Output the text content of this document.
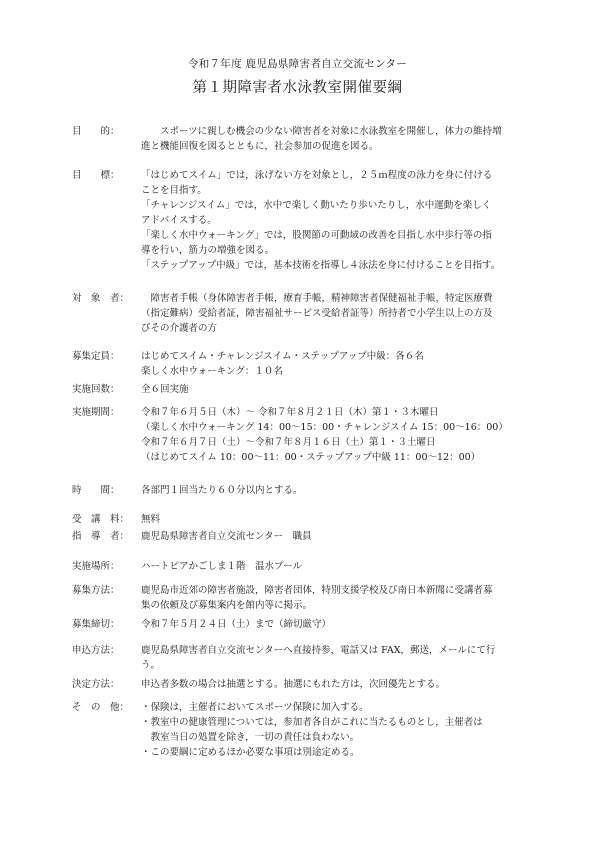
令和７年度 鹿児島県障害者自立交流センター
第１期障害者水泳教室開催要綱
目　　的：	　　スポーツに親しむ機会の少ない障害者を対象に水泳教室を開催し，体力の維持増
進と機能回復を図るとともに，社会参加の促進を図る。
目　　標：	「はじめてスイム」では，泳げない方を対象とし，２５ｍ程度の泳力を身に付ける
ことを目指す。
「チャレンジスイム」では，水中で楽しく動いたり歩いたりし，水中運動を楽しく
アドバイスする。
「楽しく水中ウォーキング」では，股関節の可動域の改善を目指し水中歩行等の指
導を行い，筋力の増強を図る。
「ステップアップ中級」では，基本技術を指導し４泳法を身に付けることを目指す。
対　象　者：	　障害者手帳（身体障害者手帳，療育手帳，精神障害者保健福祉手帳，特定医療費
（指定難病）受給者証，障害福祉サービス受給者証等）所持者で小学生以上の方及
びその介護者の方
募集定員：	はじめてスイム・チャレンジスイム・ステップアップ中級：各６名
楽しく水中ウォーキング：１０名
実施回数：	全６回実施
実施期間：	令和７年６月５日（木）～ 令和７年８月２１日（木）第１・３木曜日
（楽しく水中ウォーキング 14：00～15：00・チャレンジスイム 15：00～16：00）
令和７年６月７日（土）～令和７年８月１６日（土）第１・３土曜日
（はじめてスイム 10：00～11：00・ステップアップ中級 11：00～12：00）
時　　間：	各部門１回当たり６０分以内とする。
受　講　料：	無料
指　導　者：	鹿児島県障害者自立交流センター　職員
実施場所：	ハートピアかごしま１階　温水プール
募集方法：	鹿児島市近郊の障害者施設，障害者団体，特別支援学校及び南日本新聞に受講者募
集の依頼及び募集案内を館内等に掲示。
募集締切：	令和７年５月２４日（土）まで（締切厳守）
申込方法：	鹿児島県障害者自立交流センターへ直接持参，電話又は FAX，郵送，メールにて行
う。
決定方法：	申込者多数の場合は抽選とする。抽選にもれた方は，次回優先とする。
そ　の　他：	・保険は，主催者においてスポーツ保険に加入する。
・教室中の健康管理については，参加者各自がこれに当たるものとし，主催者は
　教室当日の処置を除き，一切の責任は負わない。
・この要綱に定めるほか必要な事項は別途定める。
